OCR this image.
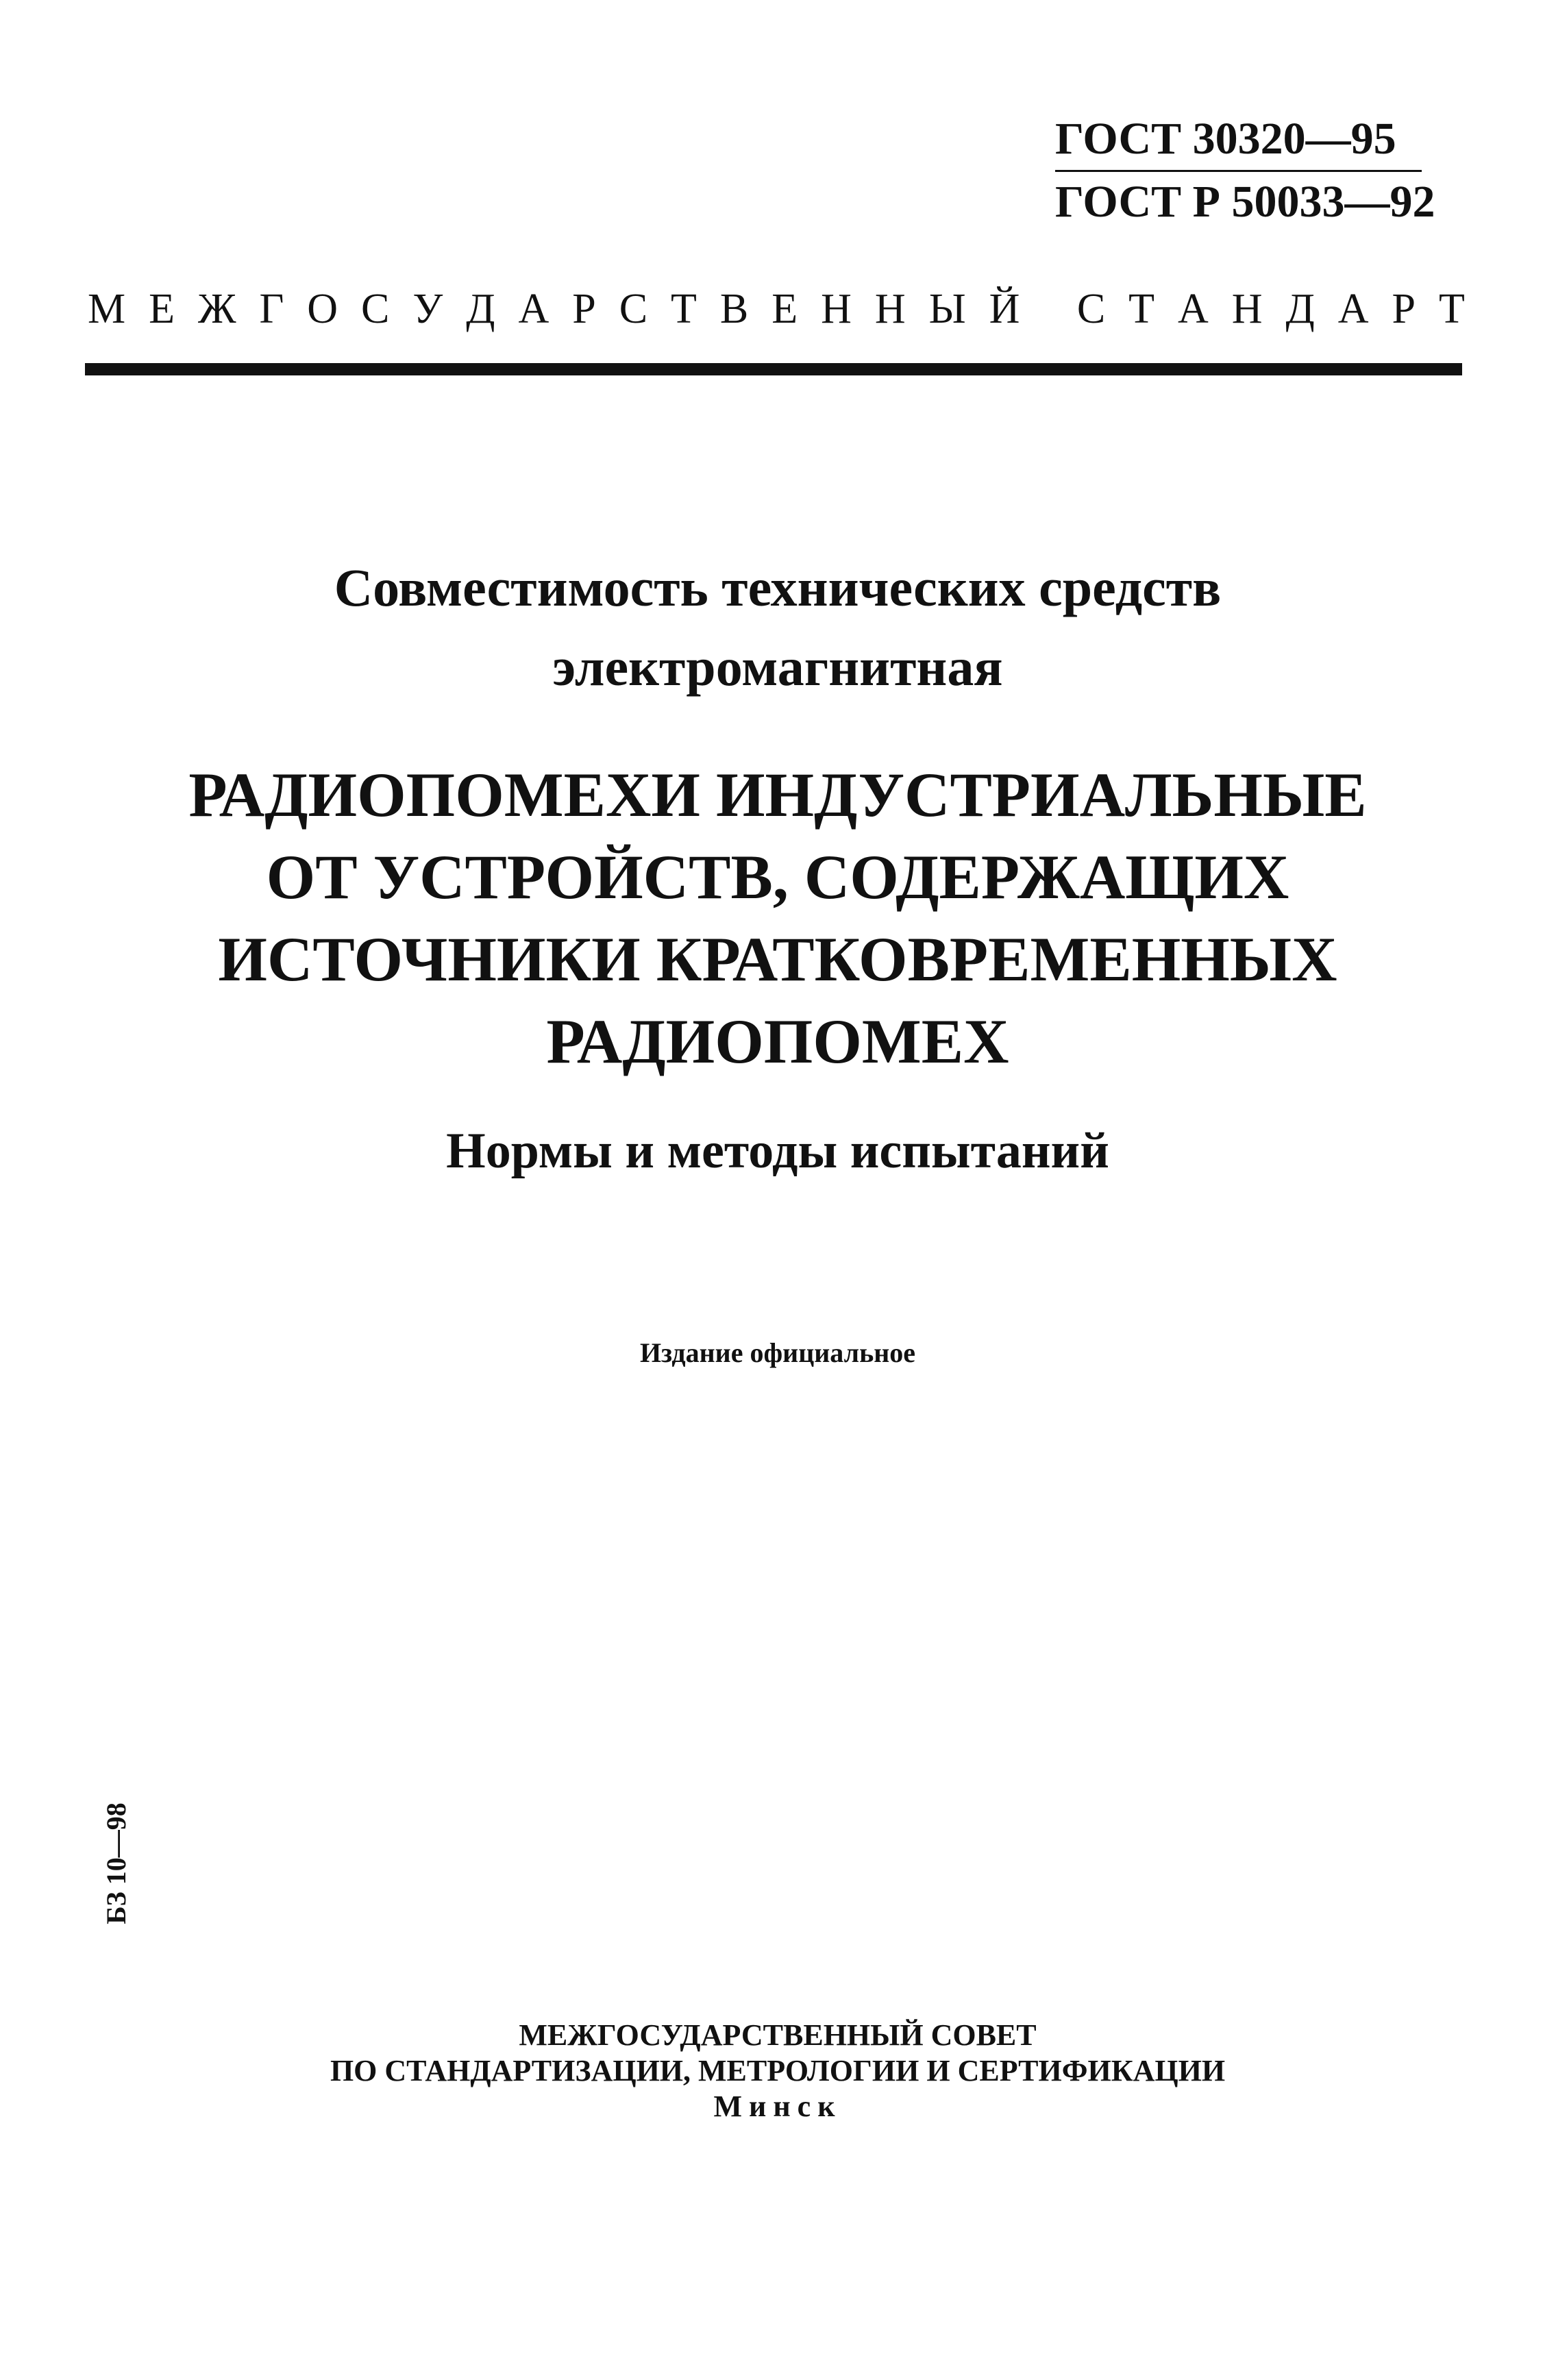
ГОСТ 30320—95
ГОСТ Р 50033—92
М Е Ж Г О С У Д А Р С Т В Е Н Н Ы Й
С Т А Н Д А Р Т
Совместимость технических средств
электромагнитная
РАДИОПОМЕХИ ИНДУСТРИАЛЬНЫЕ
ОТ УСТРОЙСТВ, СОДЕРЖАЩИХ
ИСТОЧНИКИ КРАТКОВРЕМЕННЫХ
РАДИОПОМЕХ
Нормы и методы испытаний
Издание официальное
БЗ 10—98
МЕЖГОСУДАРСТВЕННЫЙ СОВЕТ
ПО СТАНДАРТИЗАЦИИ, МЕТРОЛОГИИ И СЕРТИФИКАЦИИ
Минск
